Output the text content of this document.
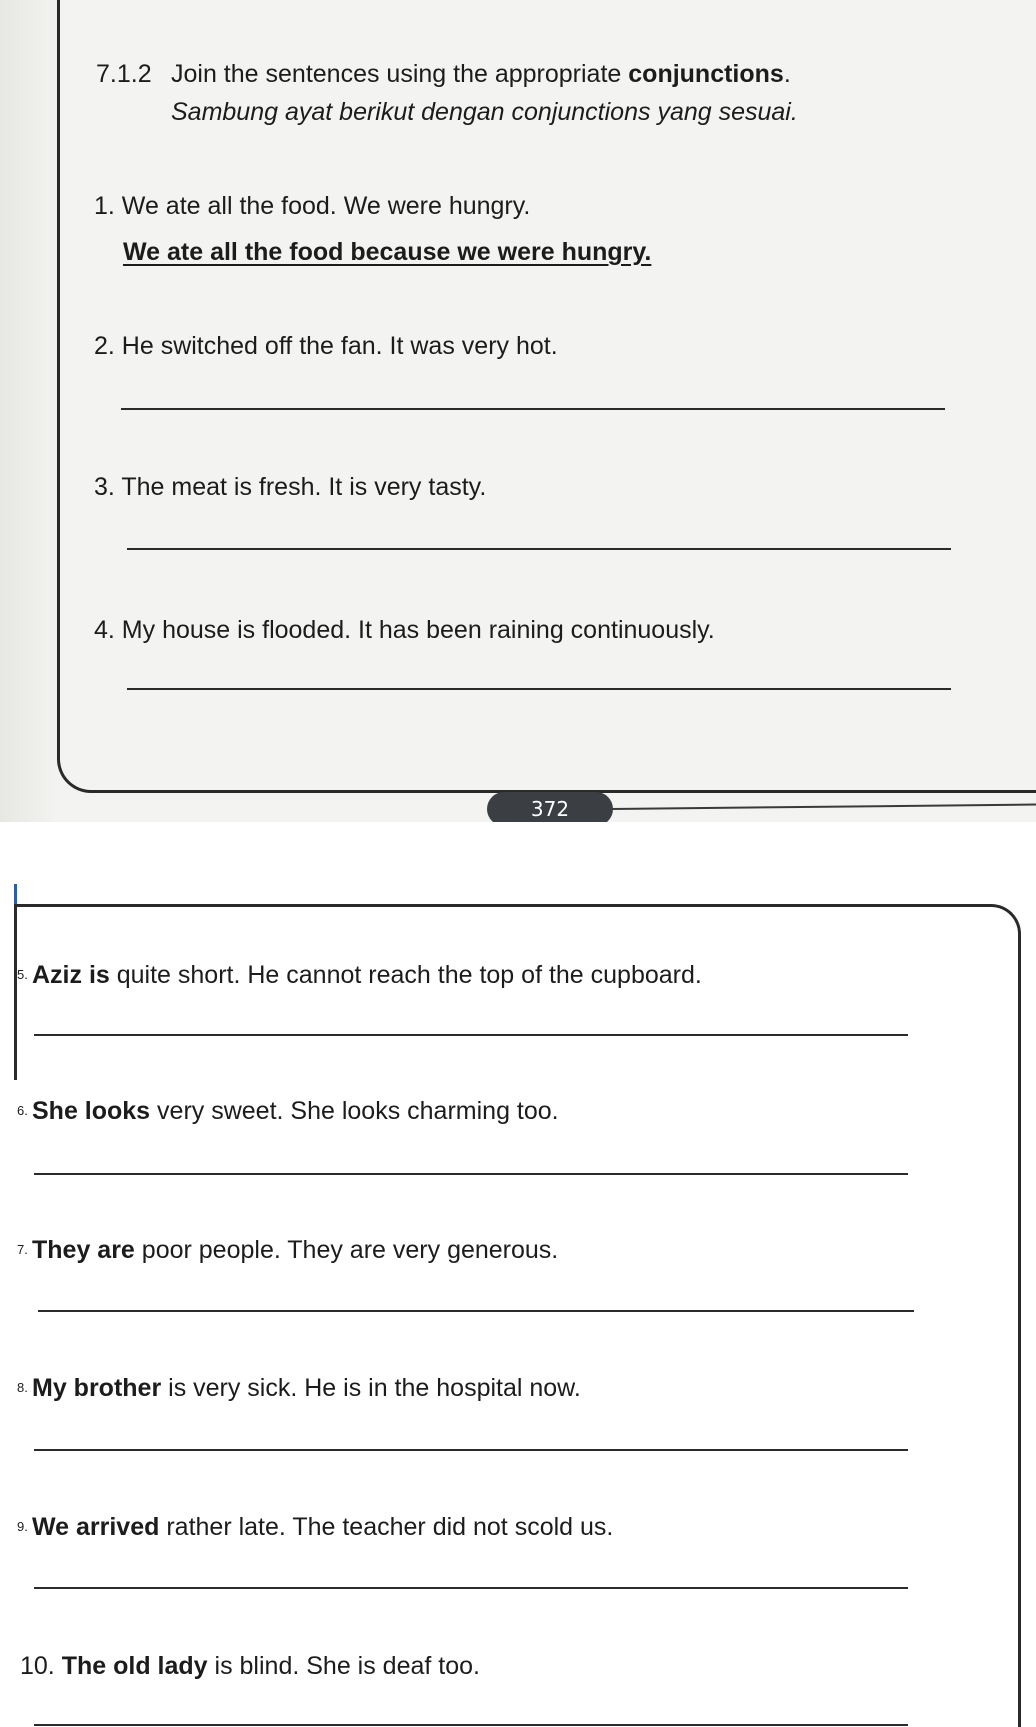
7.1.2 Join the sentences using the appropriate conjunctions.
Sambung ayat berikut dengan conjunctions yang sesuai.
1. We ate all the food. We were hungry.
We ate all the food because we were hungry.
2. He switched off the fan. It was very hot.
3. The meat is fresh. It is very tasty.
4. My house is flooded. It has been raining continuously.
372
5. Aziz is quite short. He cannot reach the top of the cupboard.
6. She looks very sweet. She looks charming too.
7. They are poor people. They are very generous.
8. My brother is very sick. He is in the hospital now.
9. We arrived rather late. The teacher did not scold us.
10. The old lady is blind. She is deaf too.
